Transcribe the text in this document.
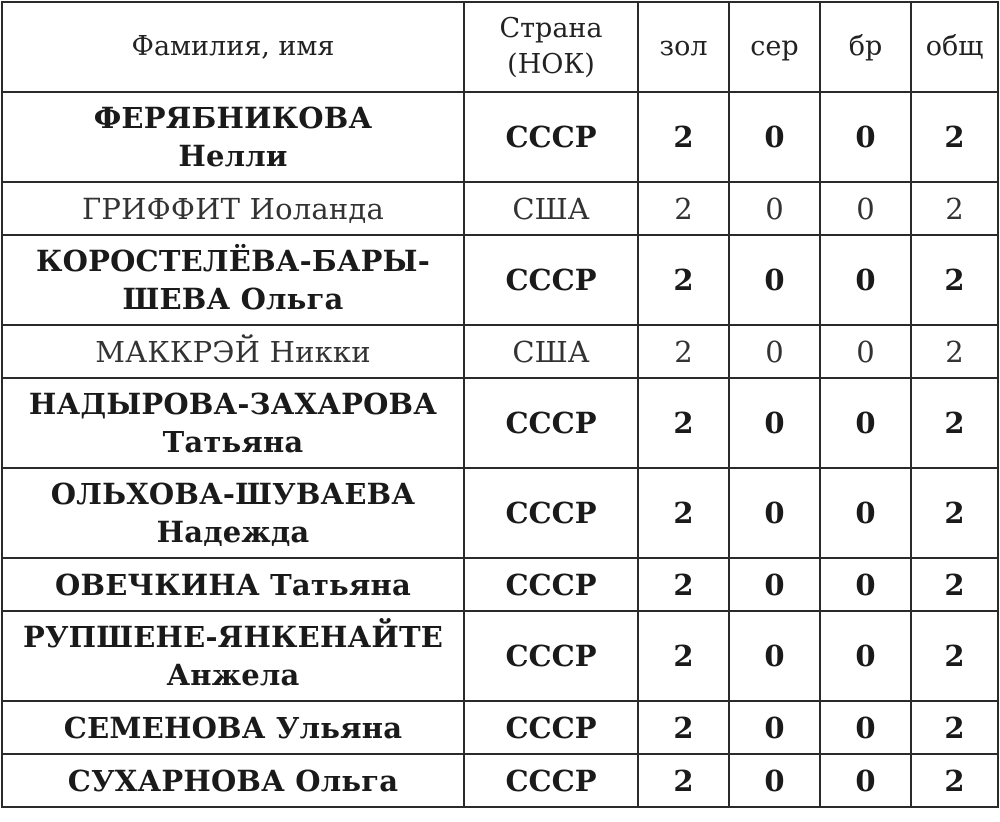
Фамилия, имя	Страна (НОК)	зол	сер	бр	общ

ФЕРЯБНИКОВА
Нелли	СССР	2	0	0	2

ГРИФФИТ Иоланда	США	2	0	0	2

КОРОСТЕЛЁВА-БАРЫ-
ШЕВА Ольга	СССР	2	0	0	2

МАККРЭЙ Никки	США	2	0	0	2

НАДЫРОВА-ЗАХАРОВА
Татьяна	СССР	2	0	0	2

ОЛЬХОВА-ШУВАЕВА
Надежда	СССР	2	0	0	2

ОВЕЧКИНА Татьяна	СССР	2	0	0	2

РУПШЕНЕ-ЯНКЕНАЙТЕ
Анжела	СССР	2	0	0	2

СЕМЕНОВА Ульяна	СССР	2	0	0	2

СУХАРНОВА Ольга	СССР	2	0	0	2
